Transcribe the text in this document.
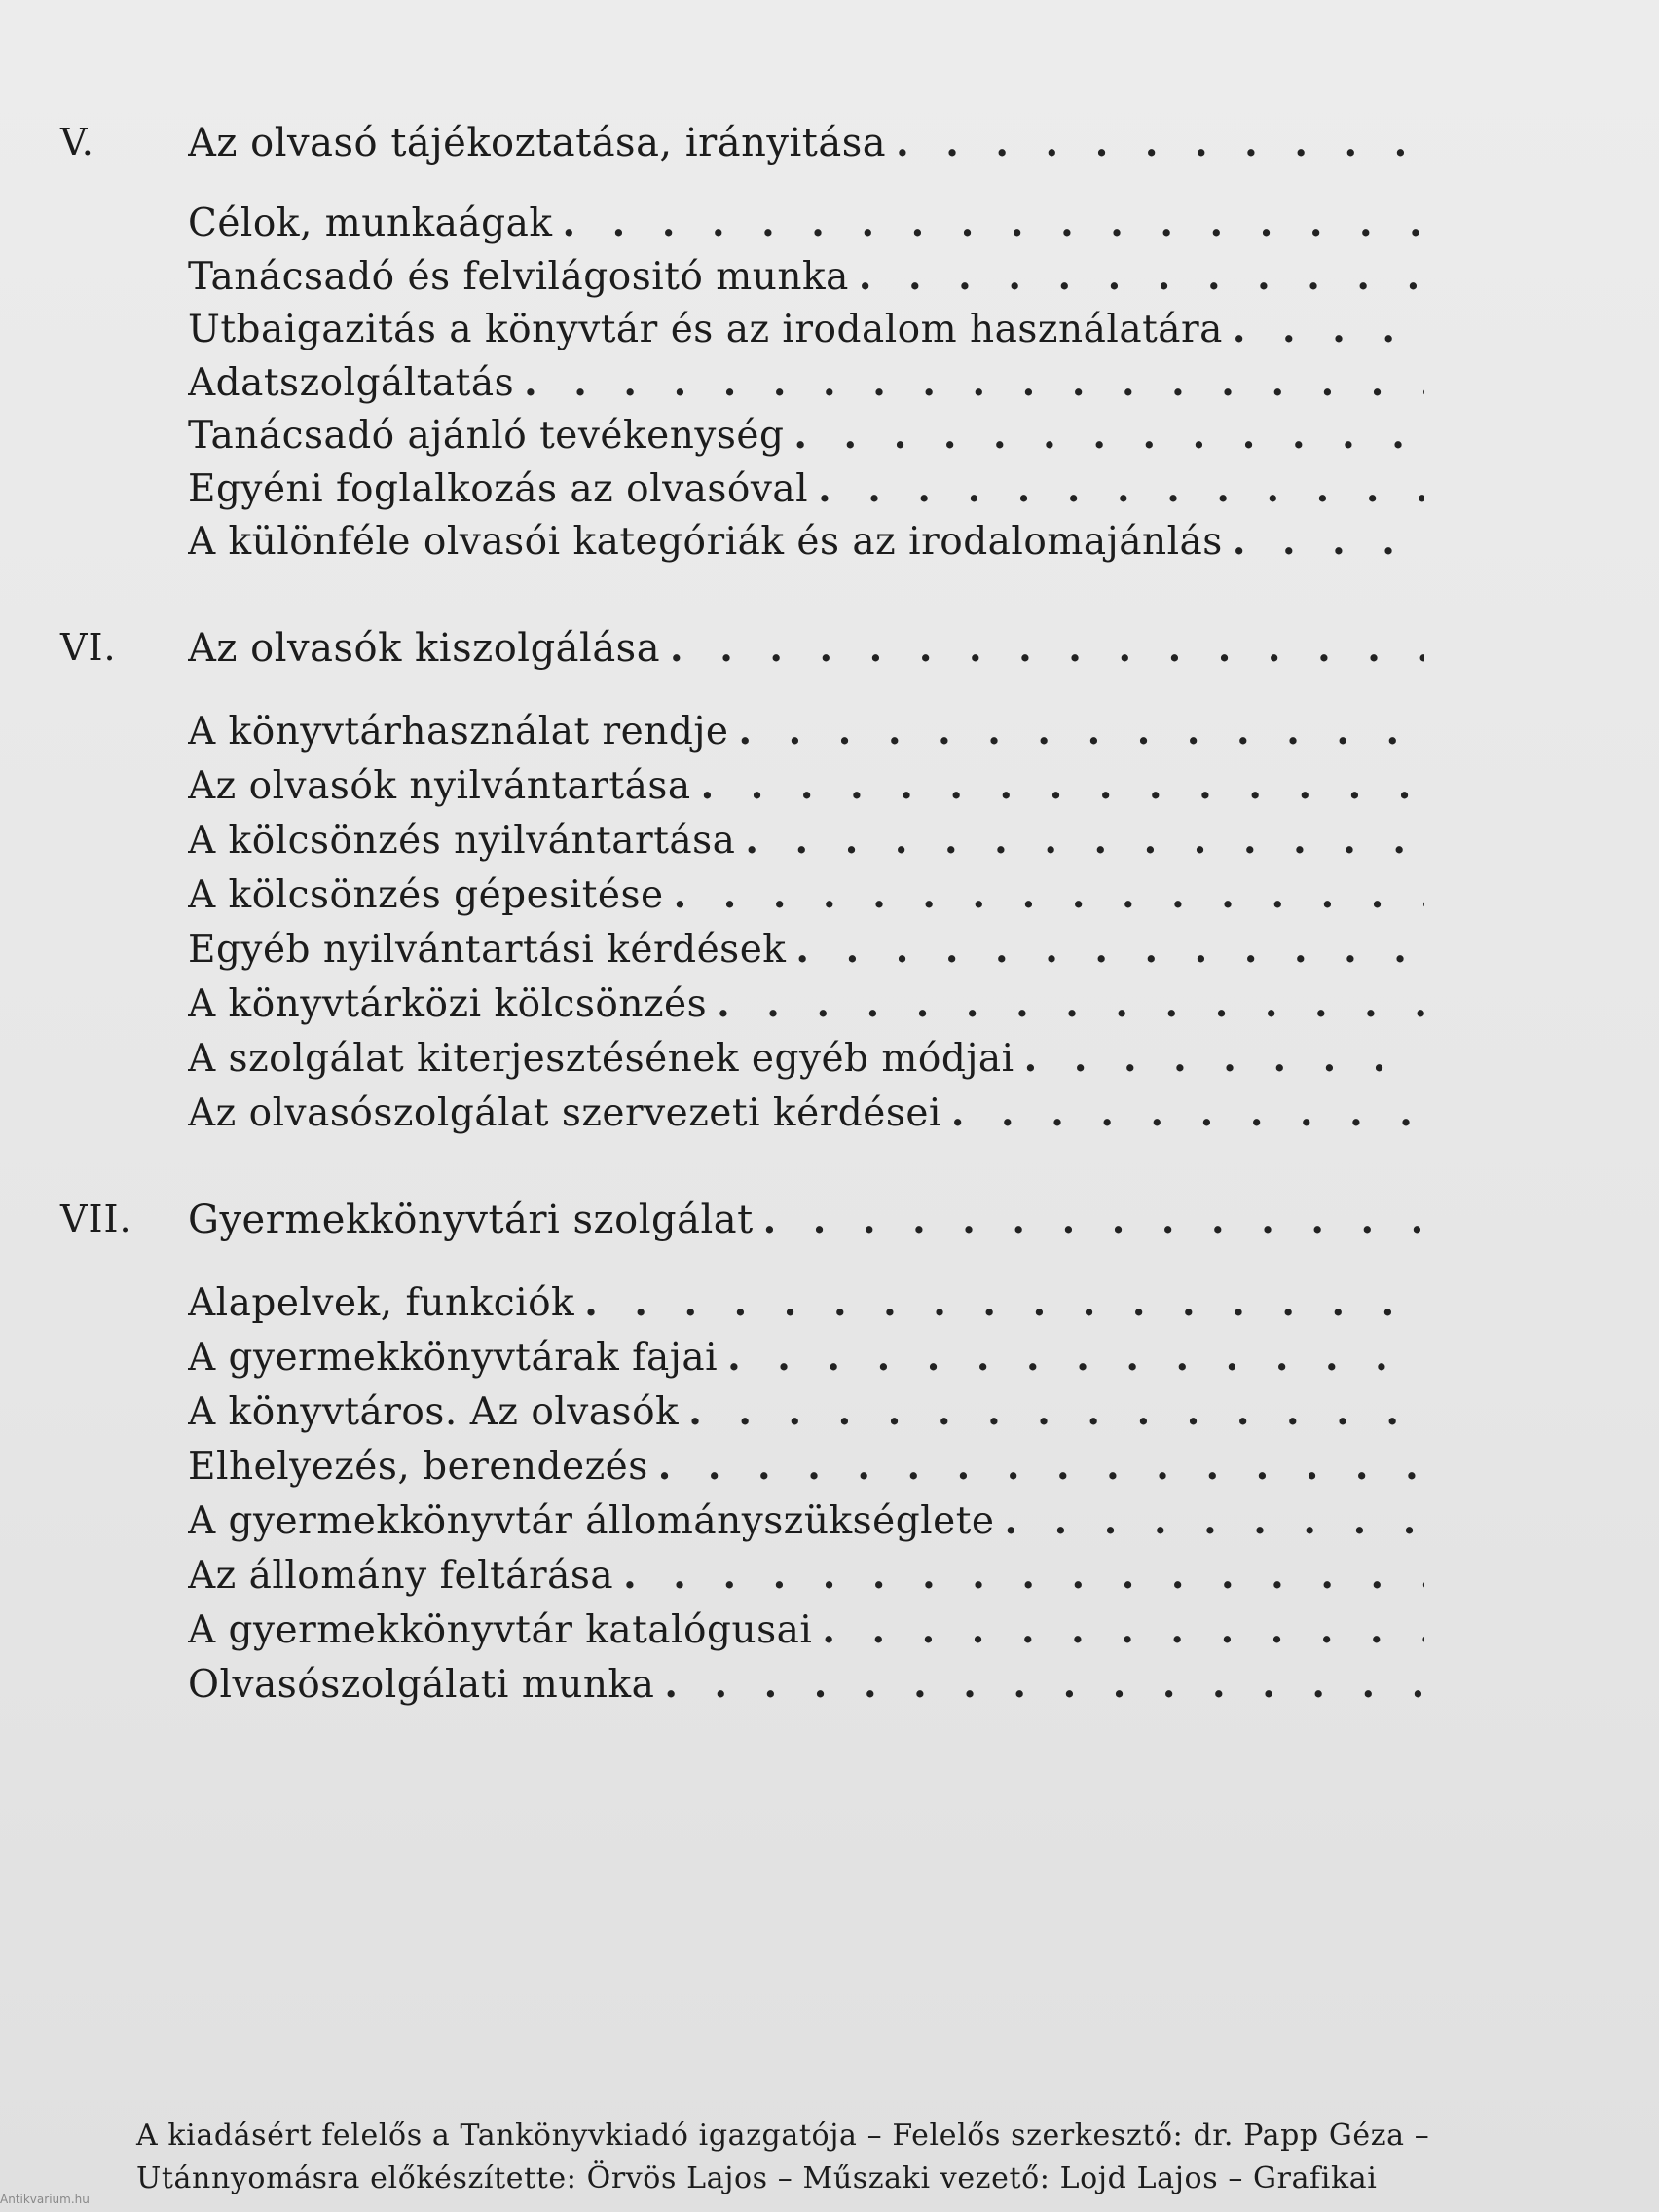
V.	Az olvasó tájékoztatása, irányitása
. . .
Célok, munkaágak
. . .
Tanácsadó és felvilágositó munka
. . .
Utbaigazitás a könyvtár és az irodalom használatára
. . .
Adatszolgáltatás
. . .
Tanácsadó ajánló tevékenység
. . .
Egyéni foglalkozás az olvasóval
. . .
A különféle olvasói kategóriák és az irodalomajánlás
. . .
VI.	Az olvasók kiszolgálása
. . .
A könyvtárhasználat rendje
. . .
Az olvasók nyilvántartása
. . .
A kölcsönzés nyilvántartása
. . .
A kölcsönzés gépesitése
. . .
Egyéb nyilvántartási kérdések
. . .
A könyvtárközi kölcsönzés
. . .
A szolgálat kiterjesztésének egyéb módjai
. . .
Az olvasószolgálat szervezeti kérdései
. . .
VII.	Gyermekkönyvtári szolgálat
. . .
Alapelvek, funkciók
. . .
A gyermekkönyvtárak fajai
. . .
A könyvtáros. Az olvasók
. . .
Elhelyezés, berendezés
. . .
A gyermekkönyvtár állományszükséglete
. . .
Az állomány feltárása
. . .
A gyermekkönyvtár katalógusai
. . .
Olvasószolgálati munka
. . .
A kiadásért felelős a Tankönyvkiadó igazgatója – Felelős szerkesztő: dr. Papp Géza –
Utánnyomásra előkészítette: Örvös Lajos – Műszaki vezető: Lojd Lajos – Grafikai
Antikvarium.hu
